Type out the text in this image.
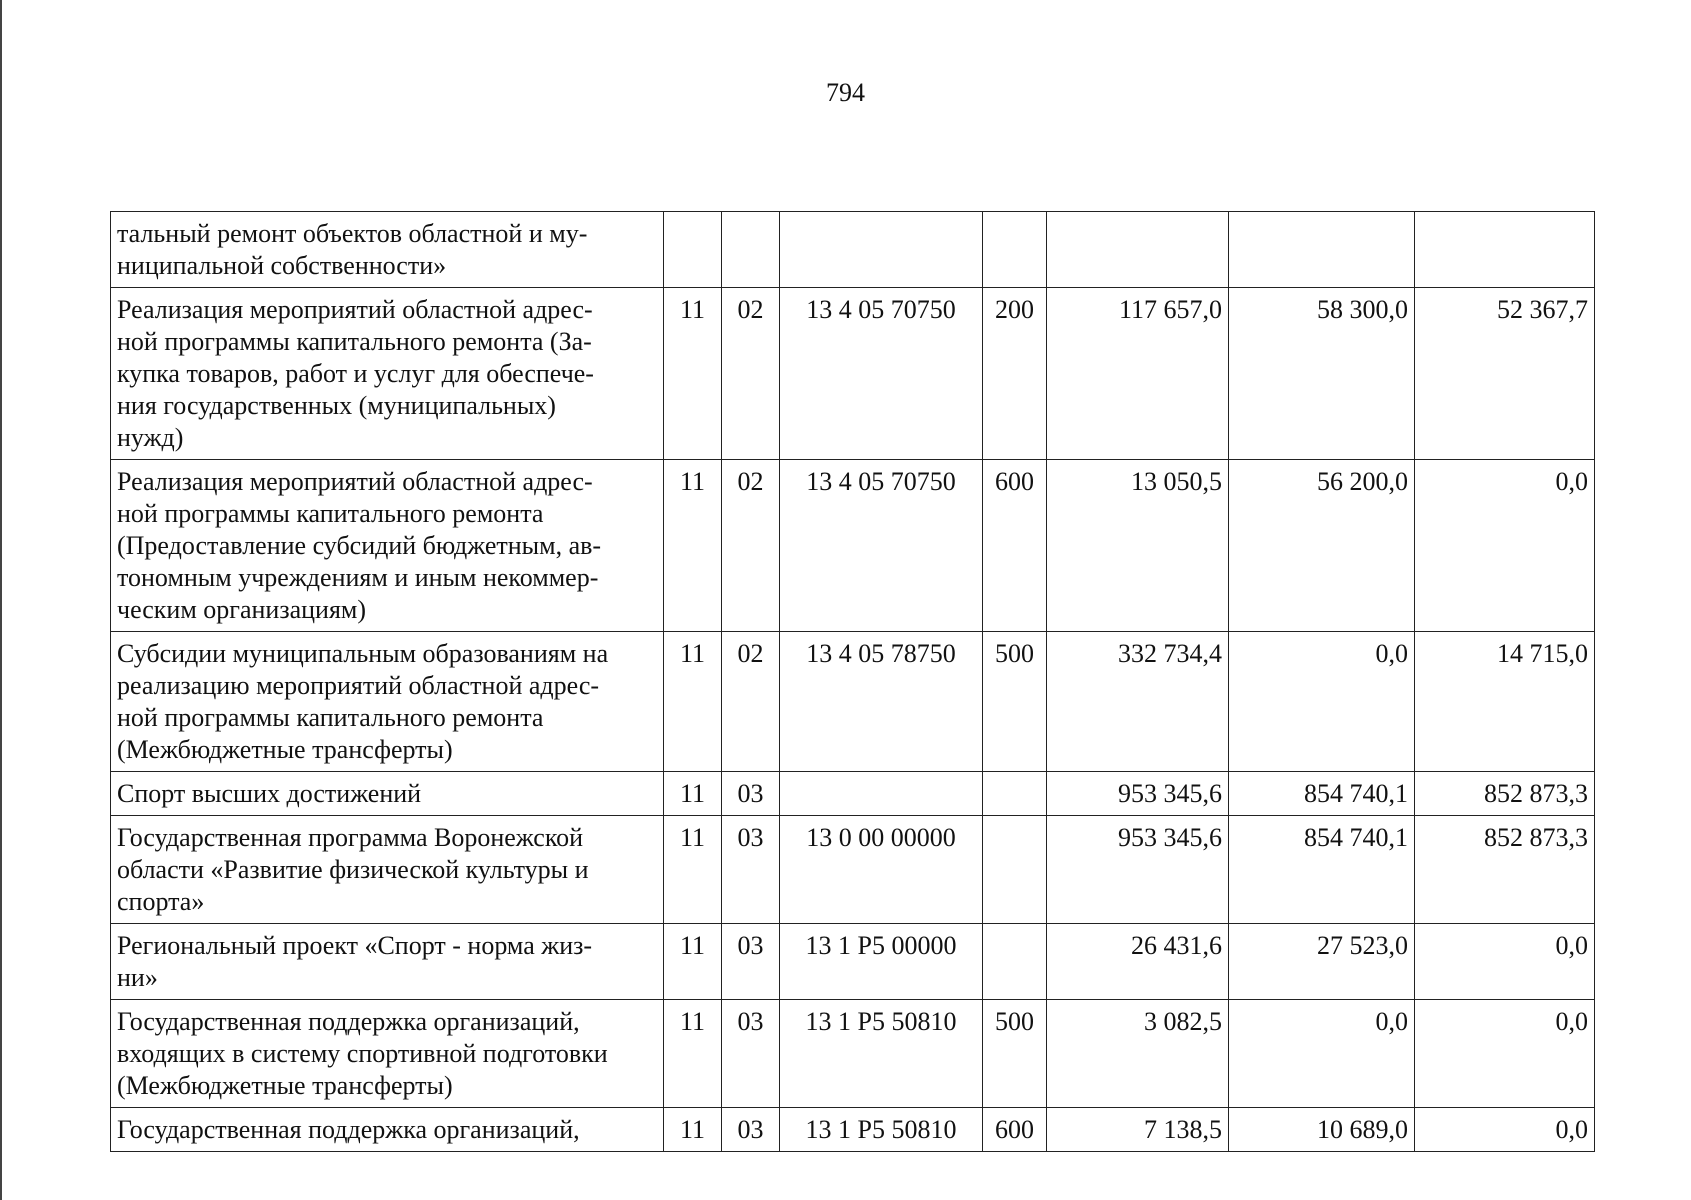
794
тальный ремонт объектов областной и му-
ниципальной собственности»							
Реализация мероприятий областной адрес-
ной программы капитального ремонта (За-
купка товаров, работ и услуг для обеспече-
ния государственных (муниципальных)
нужд)	11	02	13 4 05 70750	200	117 657,0	58 300,0	52 367,7
Реализация мероприятий областной адрес-
ной программы капитального ремонта
(Предоставление субсидий бюджетным, ав-
тономным учреждениям и иным некоммер-
ческим организациям)	11	02	13 4 05 70750	600	13 050,5	56 200,0	0,0
Субсидии муниципальным образованиям на
реализацию мероприятий областной адрес-
ной программы капитального ремонта
(Межбюджетные трансферты)	11	02	13 4 05 78750	500	332 734,4	0,0	14 715,0
Спорт высших достижений	11	03			953 345,6	854 740,1	852 873,3
Государственная программа Воронежской
области «Развитие физической культуры и
спорта»	11	03	13 0 00 00000		953 345,6	854 740,1	852 873,3
Региональный проект «Спорт - норма жиз-
ни»	11	03	13 1 Р5 00000		26 431,6	27 523,0	0,0
Государственная поддержка организаций,
входящих в систему спортивной подготовки
(Межбюджетные трансферты)	11	03	13 1 Р5 50810	500	3 082,5	0,0	0,0
Государственная поддержка организаций,	11	03	13 1 Р5 50810	600	7 138,5	10 689,0	0,0
